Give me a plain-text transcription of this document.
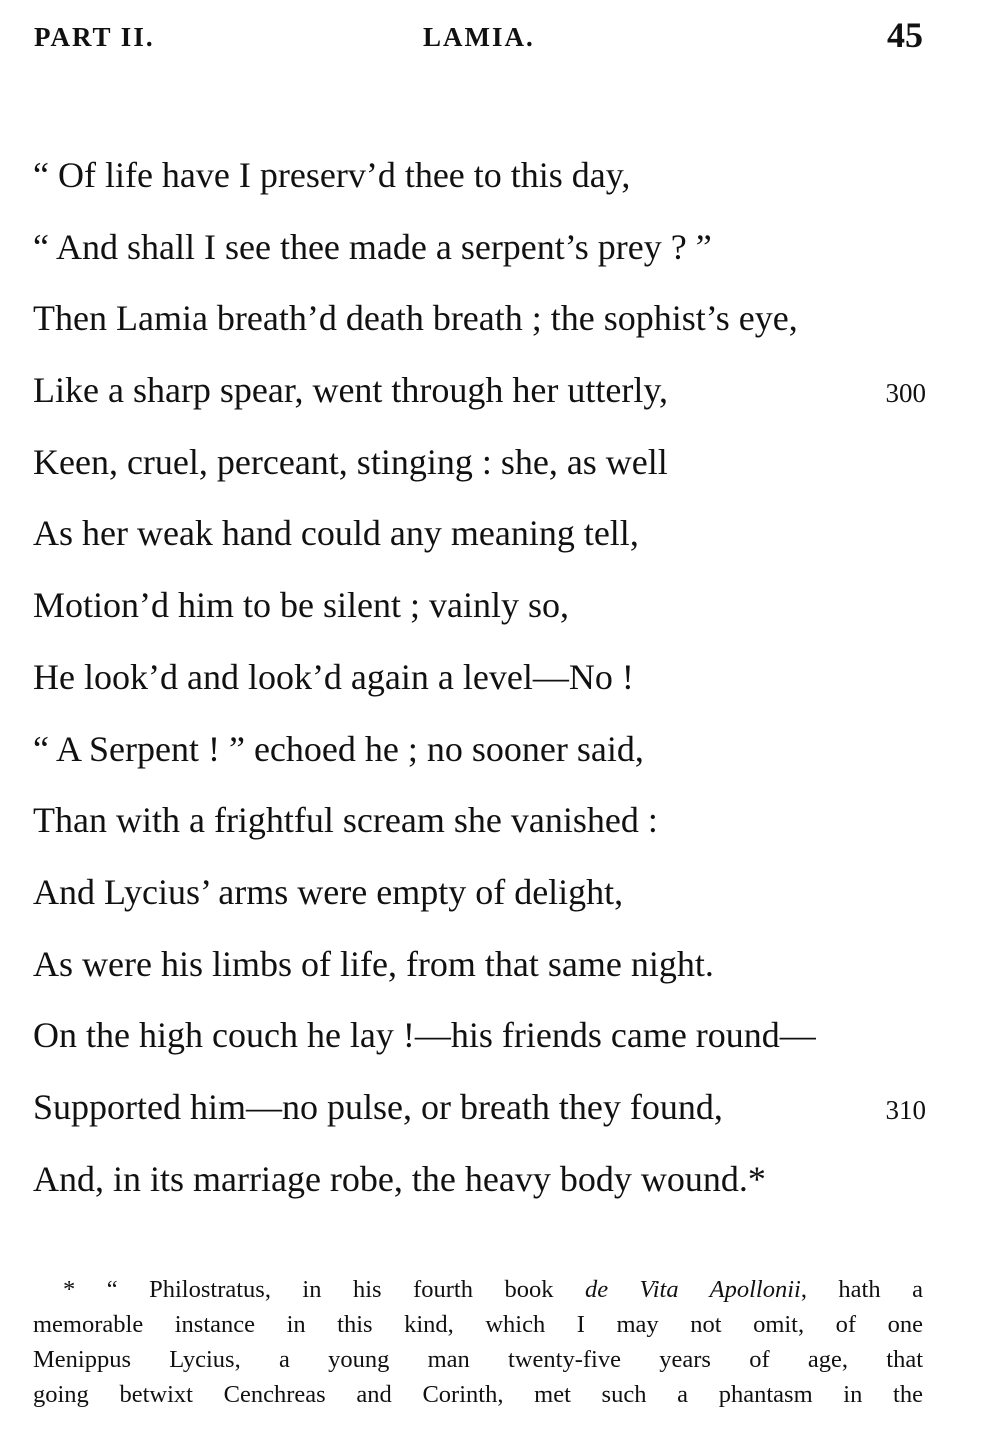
PART II.	LAMIA.	45
“ Of life have I preserv’d thee to this day,
“ And shall I see thee made a serpent’s prey ? ”
Then Lamia breath’d death breath ; the sophist’s eye,
Like a sharp spear, went through her utterly,	300
Keen, cruel, perceant, stinging : she, as well
As her weak hand could any meaning tell,
Motion’d him to be silent ; vainly so,
He look’d and look’d again a level—No !
“ A Serpent ! ” echoed he ; no sooner said,
Than with a frightful scream she vanished :
And Lycius’ arms were empty of delight,
As were his limbs of life, from that same night.
On the high couch he lay !—his friends came round—
Supported him—no pulse, or breath they found,	310
And, in its marriage robe, the heavy body wound.*
* “ Philostratus, in his fourth book de Vita Apollonii, hath a
memorable instance in this kind, which I may not omit, of one
Menippus Lycius, a young man twenty-five years of age, that
going betwixt Cenchreas and Corinth, met such a phantasm in the
